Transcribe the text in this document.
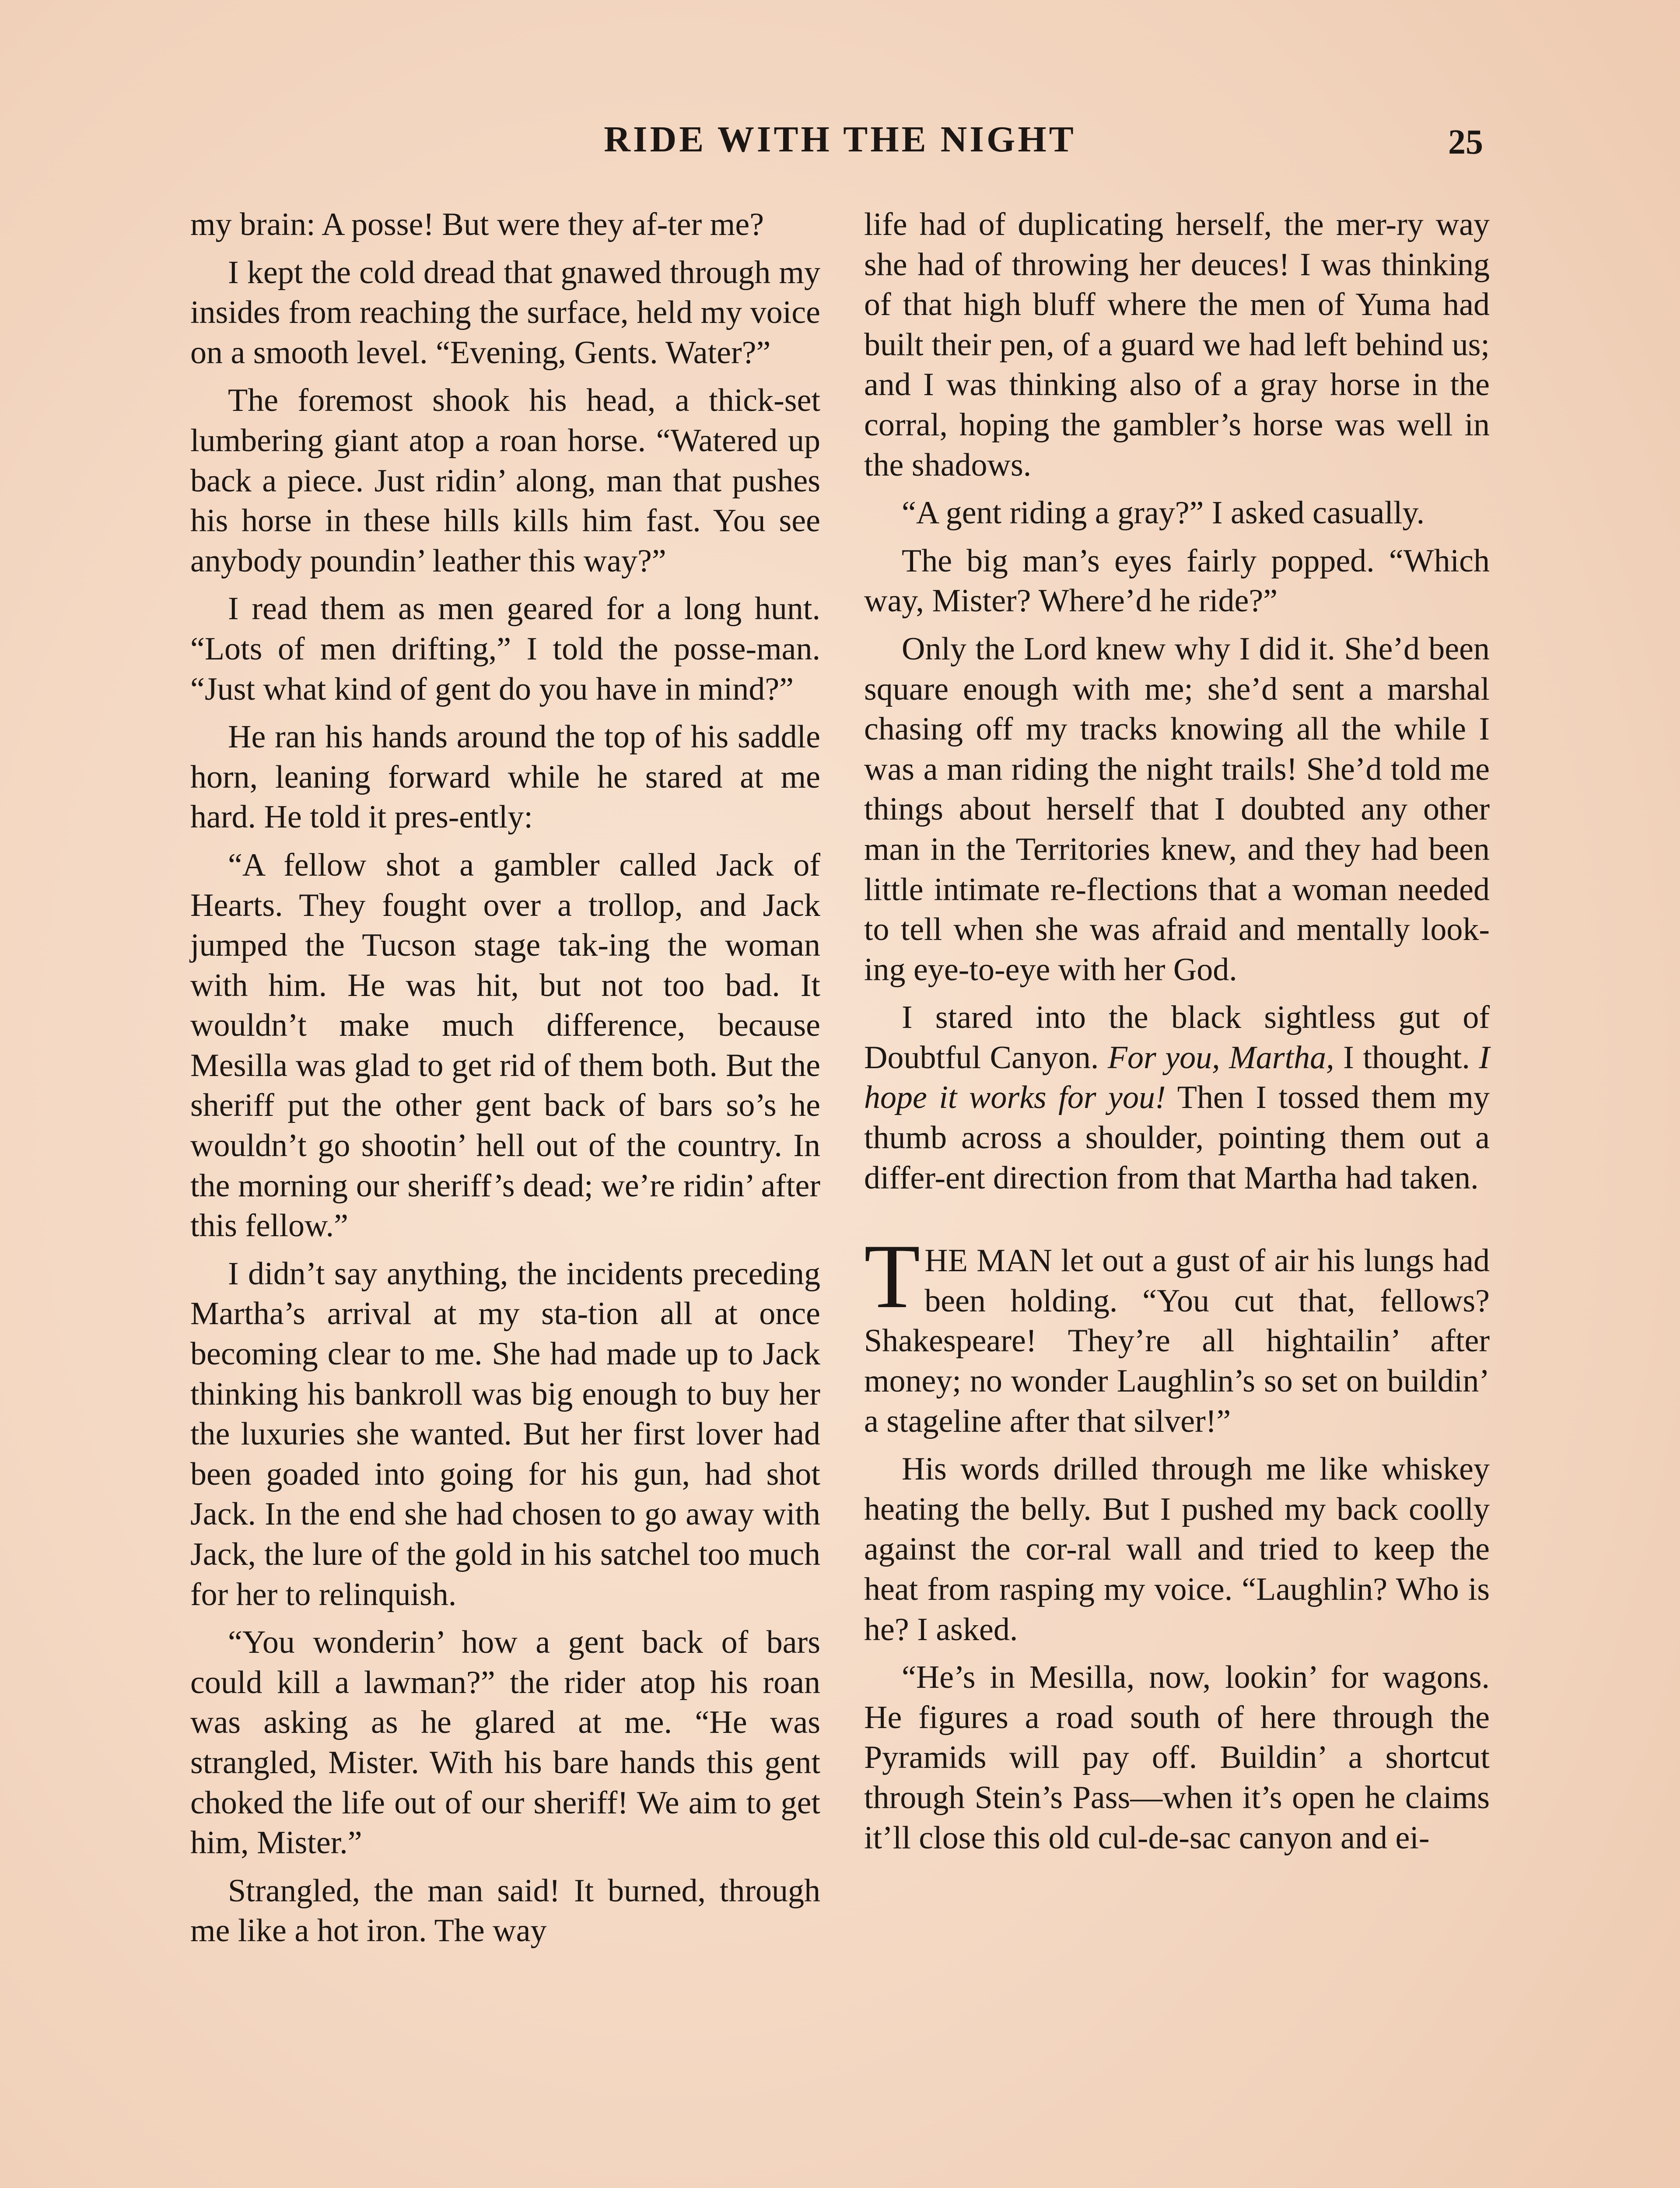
RIDE WITH THE NIGHT	25

my brain: A posse! But were they af-ter me?

I kept the cold dread that gnawed through my insides from reaching the surface, held my voice on a smooth level. “Evening, Gents. Water?”

The foremost shook his head, a thick-set lumbering giant atop a roan horse. “Watered up back a piece. Just ridin’ along, man that pushes his horse in these hills kills him fast. You see anybody poundin’ leather this way?”

I read them as men geared for a long hunt. “Lots of men drifting,” I told the posse-man. “Just what kind of gent do you have in mind?”

He ran his hands around the top of his saddle horn, leaning forward while he stared at me hard. He told it pres-ently:

“A fellow shot a gambler called Jack of Hearts. They fought over a trollop, and Jack jumped the Tucson stage tak-ing the woman with him. He was hit, but not too bad. It wouldn’t make much difference, because Mesilla was glad to get rid of them both. But the sheriff put the other gent back of bars so’s he wouldn’t go shootin’ hell out of the country. In the morning our sheriff’s dead; we’re ridin’ after this fellow.”

I didn’t say anything, the incidents preceding Martha’s arrival at my sta-tion all at once becoming clear to me. She had made up to Jack thinking his bankroll was big enough to buy her the luxuries she wanted. But her first lover had been goaded into going for his gun, had shot Jack. In the end she had chosen to go away with Jack, the lure of the gold in his satchel too much for her to relinquish.

“You wonderin’ how a gent back of bars could kill a lawman?” the rider atop his roan was asking as he glared at me. “He was strangled, Mister. With his bare hands this gent choked the life out of our sheriff! We aim to get him, Mister.”

Strangled, the man said! It burned, through me like a hot iron. The way

life had of duplicating herself, the mer-ry way she had of throwing her deuces! I was thinking of that high bluff where the men of Yuma had built their pen, of a guard we had left behind us; and I was thinking also of a gray horse in the corral, hoping the gambler’s horse was well in the shadows.

“A gent riding a gray?” I asked casually.

The big man’s eyes fairly popped. “Which way, Mister? Where’d he ride?”

Only the Lord knew why I did it. She’d been square enough with me; she’d sent a marshal chasing off my tracks knowing all the while I was a man riding the night trails! She’d told me things about herself that I doubted any other man in the Territories knew, and they had been little intimate re-flections that a woman needed to tell when she was afraid and mentally look-ing eye-to-eye with her God.

I stared into the black sightless gut of Doubtful Canyon. For you, Martha, I thought. I hope it works for you! Then I tossed them my thumb across a shoulder, pointing them out a differ-ent direction from that Martha had taken.

THE MAN let out a gust of air his lungs had been holding. “You cut that, fellows? Shakespeare! They’re all hightailin’ after money; no wonder Laughlin’s so set on buildin’ a stageline after that silver!”

His words drilled through me like whiskey heating the belly. But I pushed my back coolly against the cor-ral wall and tried to keep the heat from rasping my voice. “Laughlin? Who is he? I asked.

“He’s in Mesilla, now, lookin’ for wagons. He figures a road south of here through the Pyramids will pay off. Buildin’ a shortcut through Stein’s Pass—when it’s open he claims it’ll close this old cul-de-sac canyon and ei-
